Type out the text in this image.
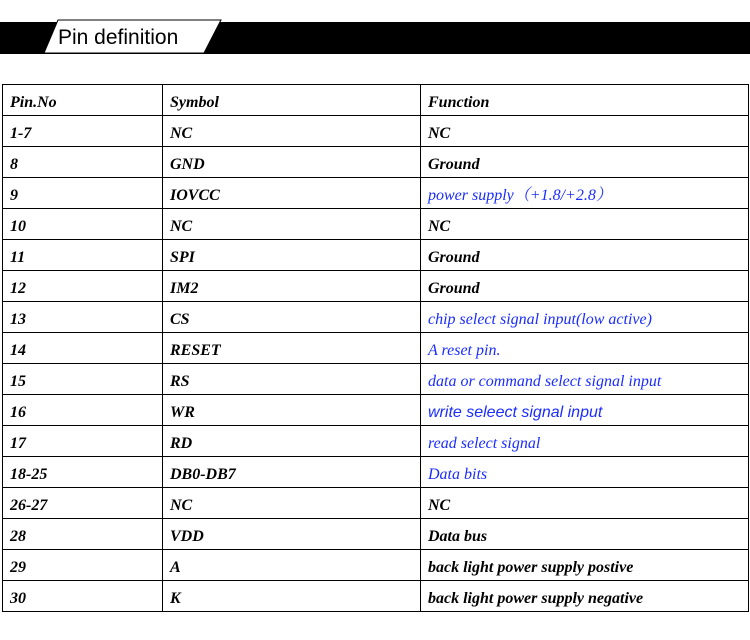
Pin definition
Pin.No	Symbol	Function
1-7	NC	NC
8	GND	Ground
9	IOVCC	power supply（+1.8/+2.8）
10	NC	NC
11	SPI	Ground
12	IM2	Ground
13	CS	chip select signal input(low active)
14	RESET	A reset pin.
15	RS	data or command select signal input
16	WR	write seleect signal input
17	RD	read select signal
18-25	DB0-DB7	Data bits
26-27	NC	NC
28	VDD	Data bus
29	A	back light power supply postive
30	K	back light power supply negative
